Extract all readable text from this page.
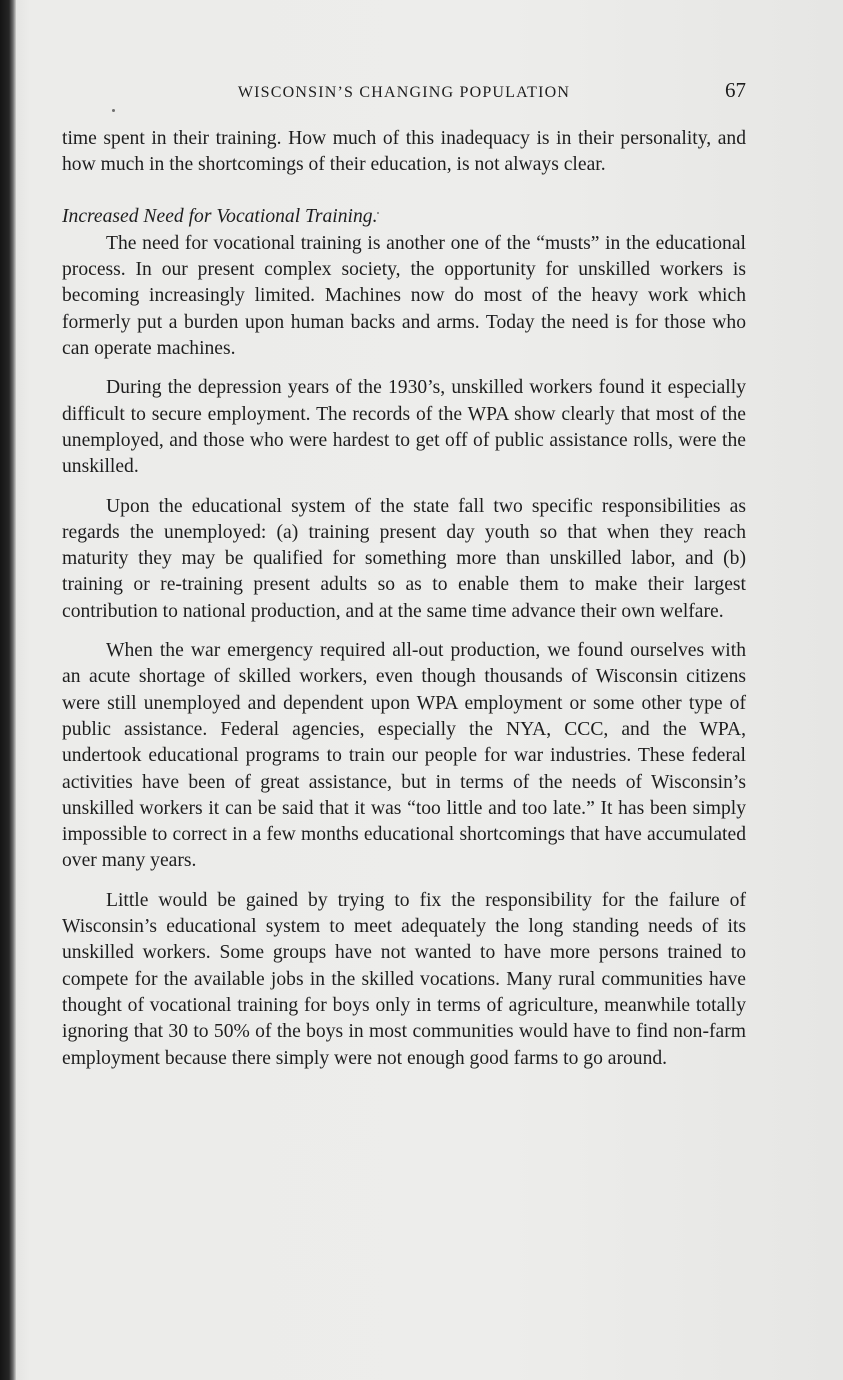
WISCONSIN’S CHANGING POPULATION	67

time spent in their training. How much of this inadequacy is in their personality, and how much in the shortcomings of their education, is not always clear.

Increased Need for Vocational Training.

The need for vocational training is another one of the “musts” in the educational process. In our present complex society, the opportunity for unskilled workers is becoming increasingly limited. Machines now do most of the heavy work which formerly put a burden upon human backs and arms. Today the need is for those who can operate machines.

During the depression years of the 1930’s, unskilled workers found it especially difficult to secure employment. The records of the WPA show clearly that most of the unemployed, and those who were hardest to get off of public assistance rolls, were the unskilled.

Upon the educational system of the state fall two specific responsibilities as regards the unemployed: (a) training present day youth so that when they reach maturity they may be qualified for something more than unskilled labor, and (b) training or re-training present adults so as to enable them to make their largest contribution to national production, and at the same time advance their own welfare.

When the war emergency required all-out production, we found ourselves with an acute shortage of skilled workers, even though thousands of Wisconsin citizens were still unemployed and dependent upon WPA employment or some other type of public assistance. Federal agencies, especially the NYA, CCC, and the WPA, undertook educational programs to train our people for war industries. These federal activities have been of great assistance, but in terms of the needs of Wisconsin’s unskilled workers it can be said that it was “too little and too late.” It has been simply impossible to correct in a few months educational shortcomings that have accumulated over many years.

Little would be gained by trying to fix the responsibility for the failure of Wisconsin’s educational system to meet adequately the long standing needs of its unskilled workers. Some groups have not wanted to have more persons trained to compete for the available jobs in the skilled vocations. Many rural communities have thought of vocational training for boys only in terms of agriculture, meanwhile totally ignoring that 30 to 50% of the boys in most communities would have to find non-farm employment because there simply were not enough good farms to go around.
